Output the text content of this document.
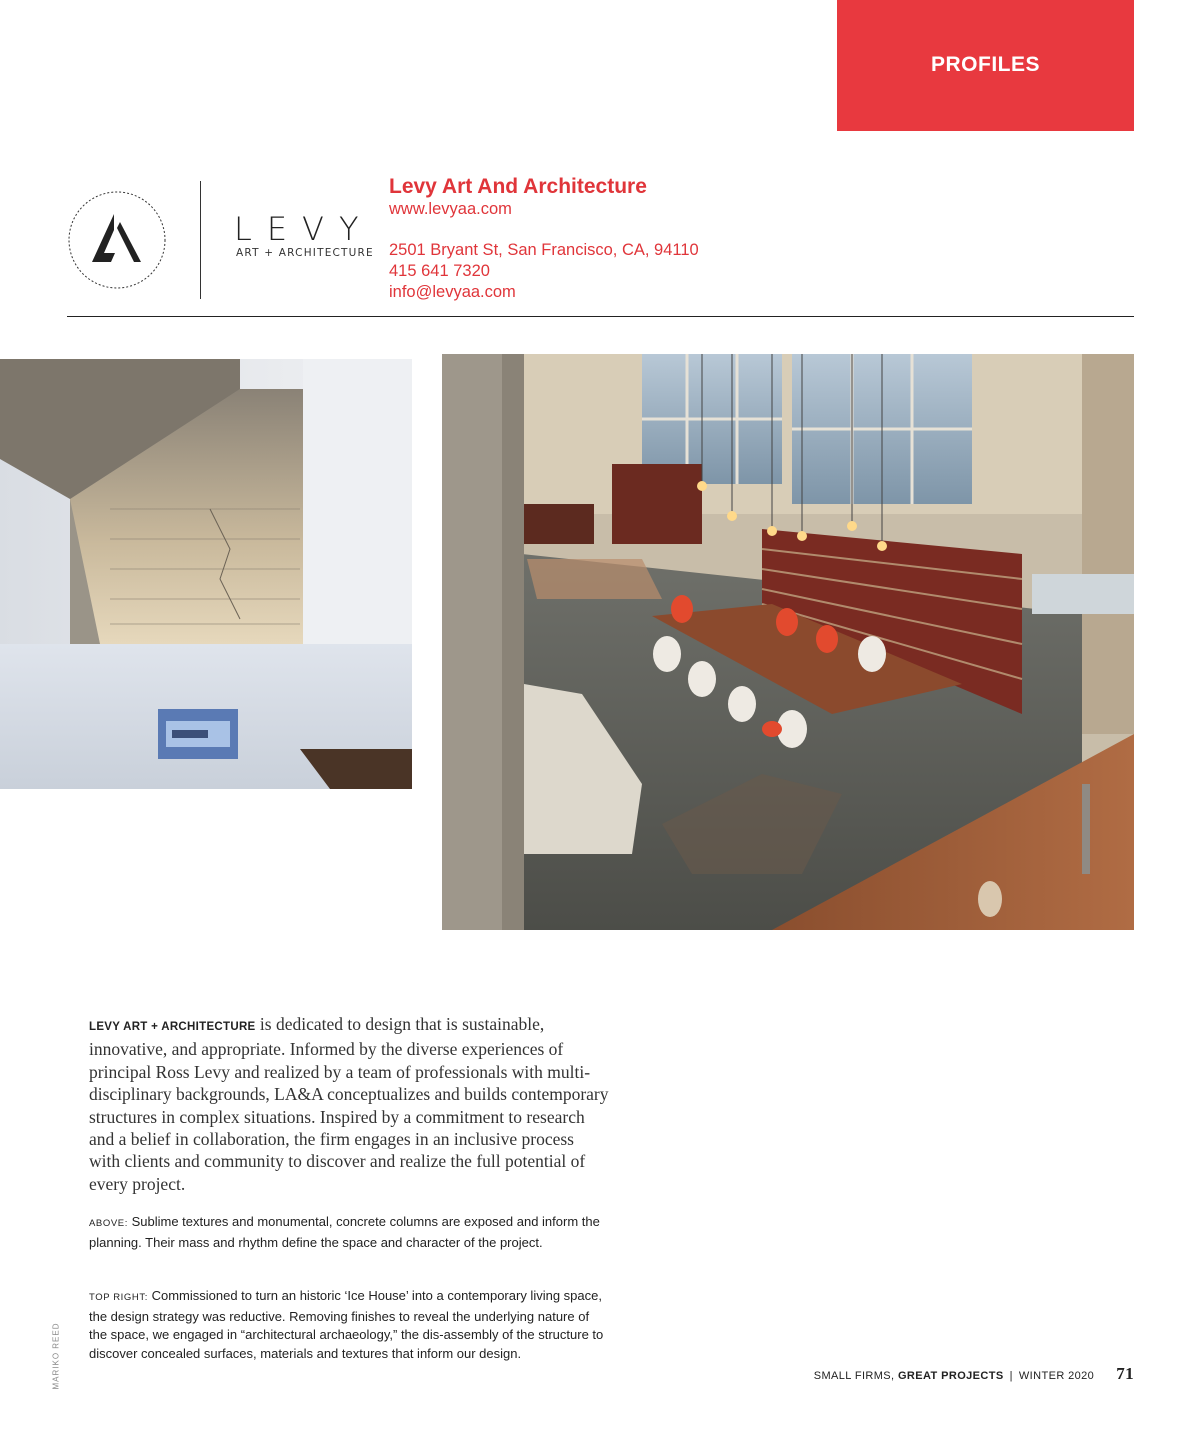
PROFILES
LEVY
ART + ARCHITECTURE
Levy Art And Architecture
www.levyaa.com
2501 Bryant St, San Francisco, CA, 94110
415 641 7320
info@levyaa.com
LEVY ART + ARCHITECTURE is dedicated to design that is sustainable, innovative, and appropriate. Informed by the diverse experiences of principal Ross Levy and realized by a team of professionals with multi-disciplinary backgrounds, LA&A conceptualizes and builds contemporary structures in complex situations. Inspired by a commitment to research and a belief in collaboration, the firm engages in an inclusive process with clients and community to discover and realize the full potential of every project.
ABOVE: Sublime textures and monumental, concrete columns are exposed and inform the planning. Their mass and rhythm define the space and character of the project.
TOP RIGHT: Commissioned to turn an historic ‘Ice House’ into a contemporary living space, the design strategy was reductive. Removing finishes to reveal the underlying nature of the space, we engaged in “architectural archaeology,” the dis-assembly of the structure to discover concealed surfaces, materials and textures that inform our design.
MARIKO REED	SMALL FIRMS, GREAT PROJECTS | WINTER 2020 71
